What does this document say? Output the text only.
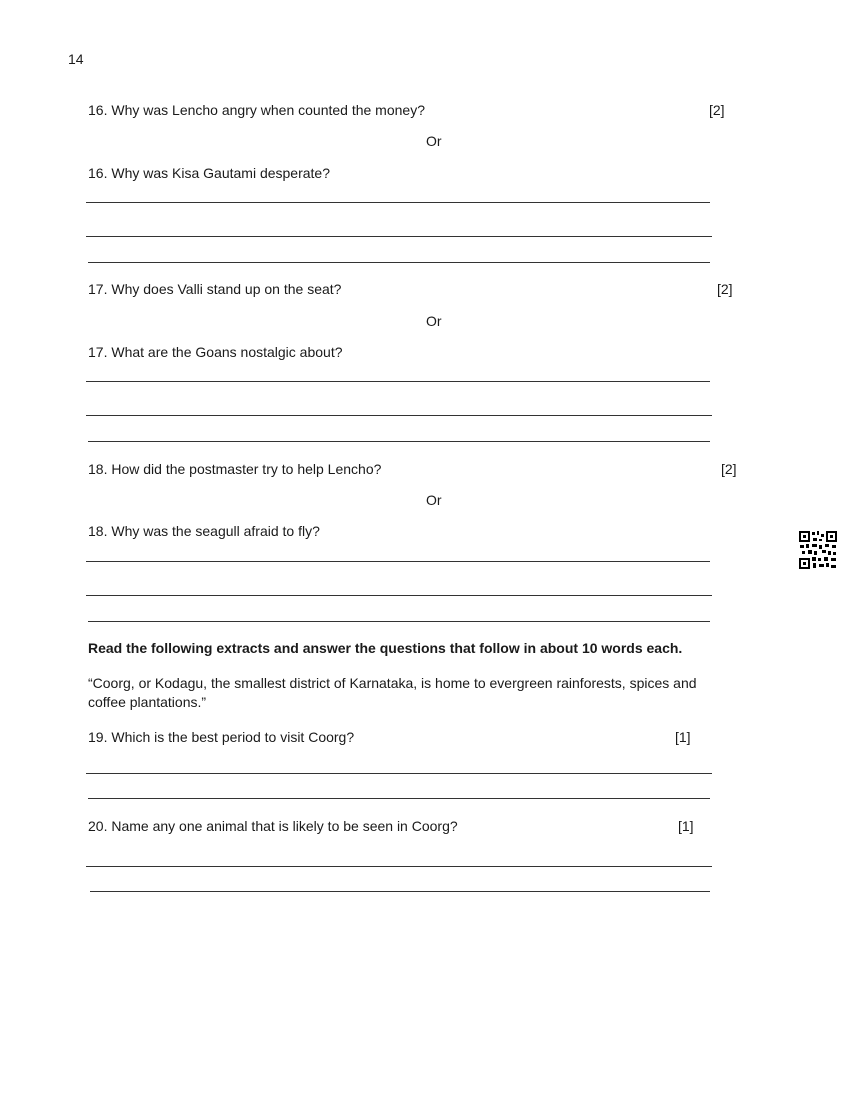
14
16. Why was Lencho angry when counted the money?	[2]
Or
16. Why was Kisa Gautami desperate?
17. Why does Valli stand up on the seat?	[2]
Or
17. What are the Goans nostalgic about?
18. How did the postmaster try to help Lencho?	[2]
Or
18. Why was the seagull afraid to fly?
Read the following extracts and answer the questions that follow in about 10 words each.
“Coorg, or Kodagu, the smallest district of Karnataka, is home to evergreen rainforests, spices and
coffee plantations.”
19. Which is the best period to visit Coorg?	[1]
20. Name any one animal that is likely to be seen in Coorg?	[1]
